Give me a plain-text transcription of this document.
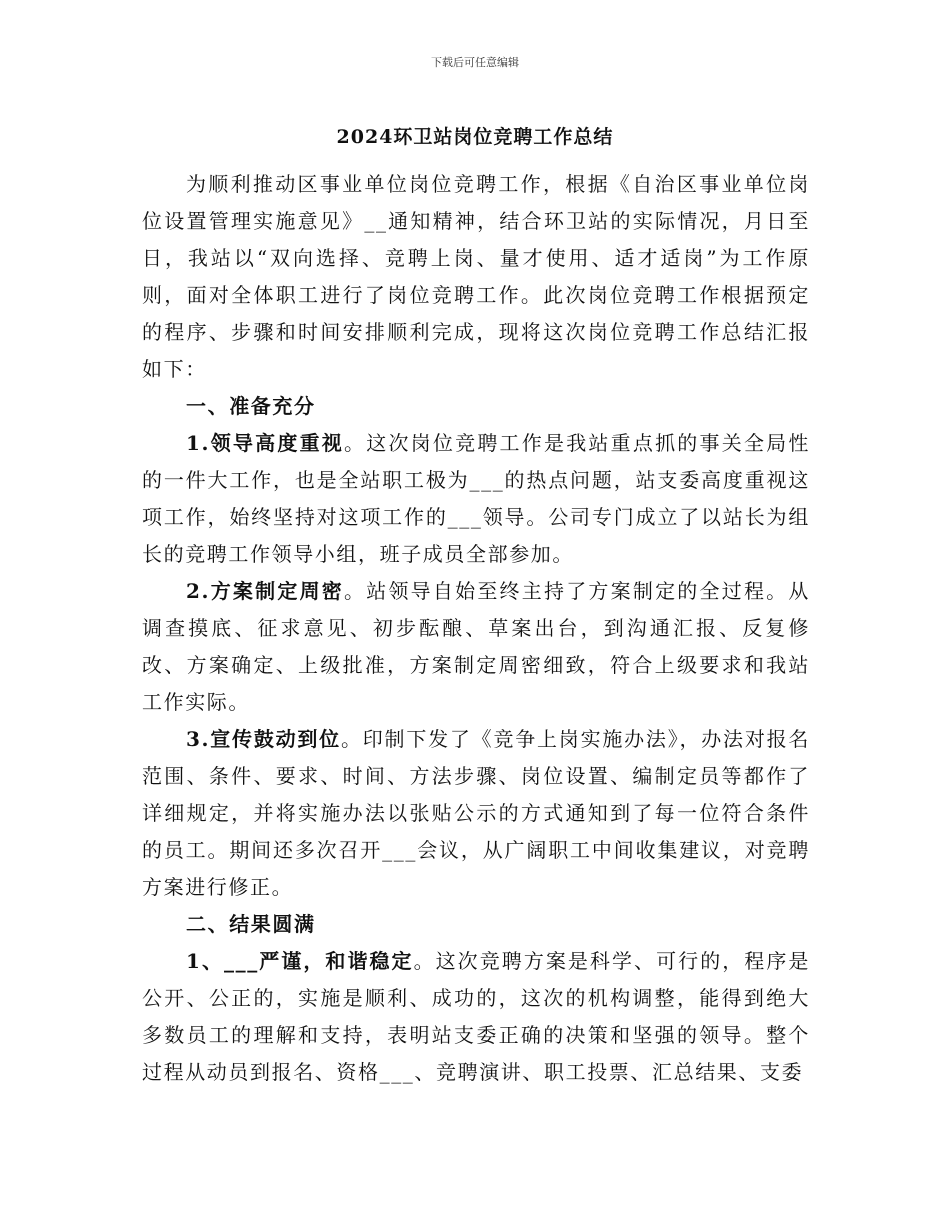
下载后可任意编辑
2024环卫站岗位竞聘工作总结

为顺利推动区事业单位岗位竞聘工作，根据《自治区事业单位岗位设置管理实施意见》__通知精神，结合环卫站的实际情况，月日至日，我站以“双向选择、竞聘上岗、量才使用、适才适岗”为工作原则，面对全体职工进行了岗位竞聘工作。此次岗位竞聘工作根据预定的程序、步骤和时间安排顺利完成，现将这次岗位竞聘工作总结汇报如下：

一、准备充分

1.领导高度重视。这次岗位竞聘工作是我站重点抓的事关全局性的一件大工作，也是全站职工极为___的热点问题，站支委高度重视这项工作，始终坚持对这项工作的___领导。公司专门成立了以站长为组长的竞聘工作领导小组，班子成员全部参加。

2.方案制定周密。站领导自始至终主持了方案制定的全过程。从调查摸底、征求意见、初步酝酿、草案出台，到沟通汇报、反复修改、方案确定、上级批准，方案制定周密细致，符合上级要求和我站工作实际。

3.宣传鼓动到位。印制下发了《竞争上岗实施办法》，办法对报名范围、条件、要求、时间、方法步骤、岗位设置、编制定员等都作了详细规定，并将实施办法以张贴公示的方式通知到了每一位符合条件的员工。期间还多次召开___会议，从广阔职工中间收集建议，对竞聘方案进行修正。

二、结果圆满

1、___严谨，和谐稳定。这次竞聘方案是科学、可行的，程序是公开、公正的，实施是顺利、成功的，这次的机构调整，能得到绝大多数员工的理解和支持，表明站支委正确的决策和坚强的领导。整个过程从动员到报名、资格___、竞聘演讲、职工投票、汇总结果、支委
